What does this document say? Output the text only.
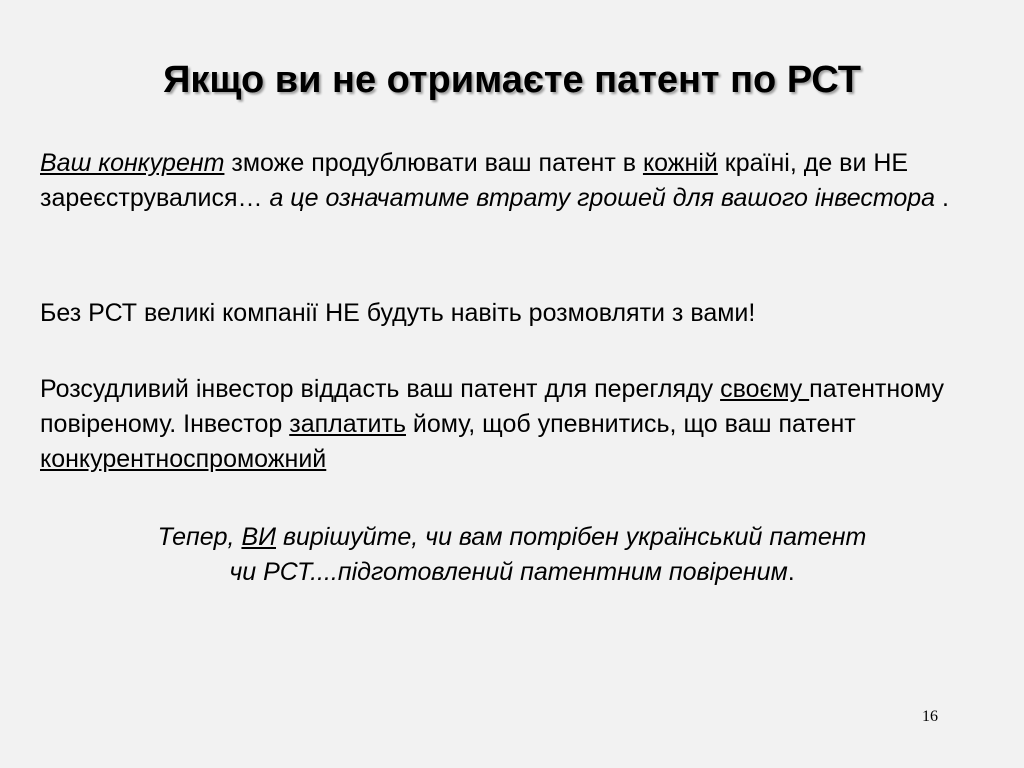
Якщо ви не отримаєте патент по РСТ
Ваш конкурент зможе продублювати ваш патент в кожній країні, де ви НЕ зареєструвалися… а це означатиме втрату грошей для вашого інвестора .
Без РСТ великі компанії НЕ будуть навіть розмовляти з вами!
Розсудливий інвестор віддасть ваш патент для перегляду своєму патентному повіреному. Інвестор заплатить йому, щоб упевнитись, що ваш патент конкурентноспроможний
Тепер, ВИ вирішуйте, чи вам потрібен український патент
чи РСТ....підготовлений патентним повіреним.
16
